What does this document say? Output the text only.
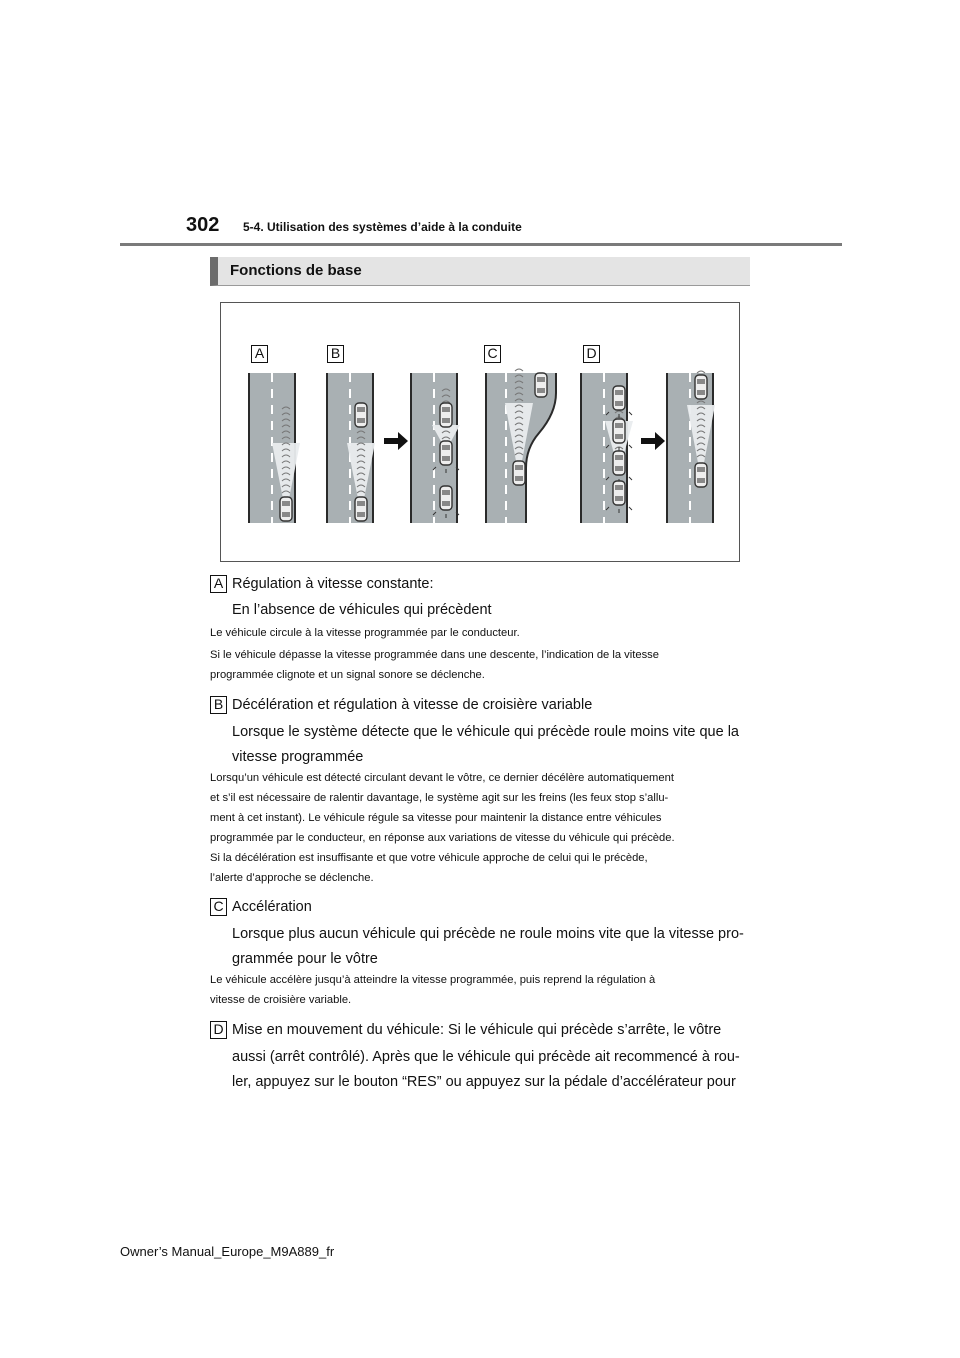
302 5-4. Utilisation des systèmes d’aide à la conduite
Fonctions de base
A	B	C	D
A Régulation à vitesse constante:
En l’absence de véhicules qui précèdent
Le véhicule circule à la vitesse programmée par le conducteur.
Si le véhicule dépasse la vitesse programmée dans une descente, l’indication de la vitesse
programmée clignote et un signal sonore se déclenche.
B Décélération et régulation à vitesse de croisière variable
Lorsque le système détecte que le véhicule qui précède roule moins vite que la
vitesse programmée
Lorsqu’un véhicule est détecté circulant devant le vôtre, ce dernier décélère automatiquement
et s’il est nécessaire de ralentir davantage, le système agit sur les freins (les feux stop s’allu-
ment à cet instant). Le véhicule régule sa vitesse pour maintenir la distance entre véhicules
programmée par le conducteur, en réponse aux variations de vitesse du véhicule qui précède.
Si la décélération est insuffisante et que votre véhicule approche de celui qui le précède,
l’alerte d’approche se déclenche.
C Accélération
Lorsque plus aucun véhicule qui précède ne roule moins vite que la vitesse pro-
grammée pour le vôtre
Le véhicule accélère jusqu’à atteindre la vitesse programmée, puis reprend la régulation à
vitesse de croisière variable.
D Mise en mouvement du véhicule: Si le véhicule qui précède s’arrête, le vôtre
aussi (arrêt contrôlé). Après que le véhicule qui précède ait recommencé à rou-
ler, appuyez sur le bouton “RES” ou appuyez sur la pédale d’accélérateur pour
Owner’s Manual_Europe_M9A889_fr
